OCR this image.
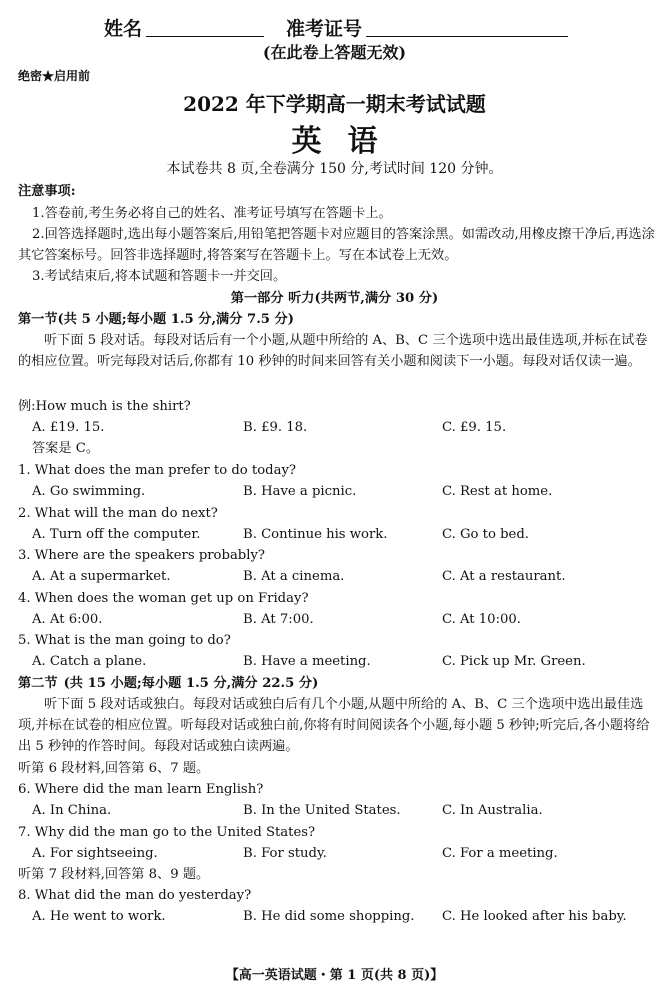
姓名	准考证号
(在此卷上答题无效)
绝密★启用前
2022 年下学期高一期末考试试题
英语
本试卷共 8 页,全卷满分 150 分,考试时间 120 分钟。
注意事项:
1.答卷前,考生务必将自己的姓名、准考证号填写在答题卡上。
2.回答选择题时,选出每小题答案后,用铅笔把答题卡对应题目的答案涂黑。如需改动,用橡皮擦干净后,再选涂其它答案标号。回答非选择题时,将答案写在答题卡上。写在本试卷上无效。
3.考试结束后,将本试题和答题卡一并交回。
第一部分 听力(共两节,满分 30 分)
第一节(共 5 小题;每小题 1.5 分,满分 7.5 分)
听下面 5 段对话。每段对话后有一个小题,从题中所给的 A、B、C 三个选项中选出最佳选项,并标在试卷的相应位置。听完每段对话后,你都有 10 秒钟的时间来回答有关小题和阅读下一小题。每段对话仅读一遍。
例:How much is the shirt?
A. £19. 15.	B. £9. 18.	C. £9. 15.
答案是 C。
1. What does the man prefer to do today?
A. Go swimming.	B. Have a picnic.	C. Rest at home.
2. What will the man do next?
A. Turn off the computer.	B. Continue his work.	C. Go to bed.
3. Where are the speakers probably?
A. At a supermarket.	B. At a cinema.	C. At a restaurant.
4. When does the woman get up on Friday?
A. At 6:00.	B. At 7:00.	C. At 10:00.
5. What is the man going to do?
A. Catch a plane.	B. Have a meeting.	C. Pick up Mr. Green.
第二节 (共 15 小题;每小题 1.5 分,满分 22.5 分)
听下面 5 段对话或独白。每段对话或独白后有几个小题,从题中所给的 A、B、C 三个选项中选出最佳选项,并标在试卷的相应位置。听每段对话或独白前,你将有时间阅读各个小题,每小题 5 秒钟;听完后,各小题将给出 5 秒钟的作答时间。每段对话或独白读两遍。
听第 6 段材料,回答第 6、7 题。
6. Where did the man learn English?
A. In China.	B. In the United States.	C. In Australia.
7. Why did the man go to the United States?
A. For sightseeing.	B. For study.	C. For a meeting.
听第 7 段材料,回答第 8、9 题。
8. What did the man do yesterday?
A. He went to work.	B. He did some shopping. C. He looked after his baby.
【高一英语试题・第 1 页(共 8 页)】
